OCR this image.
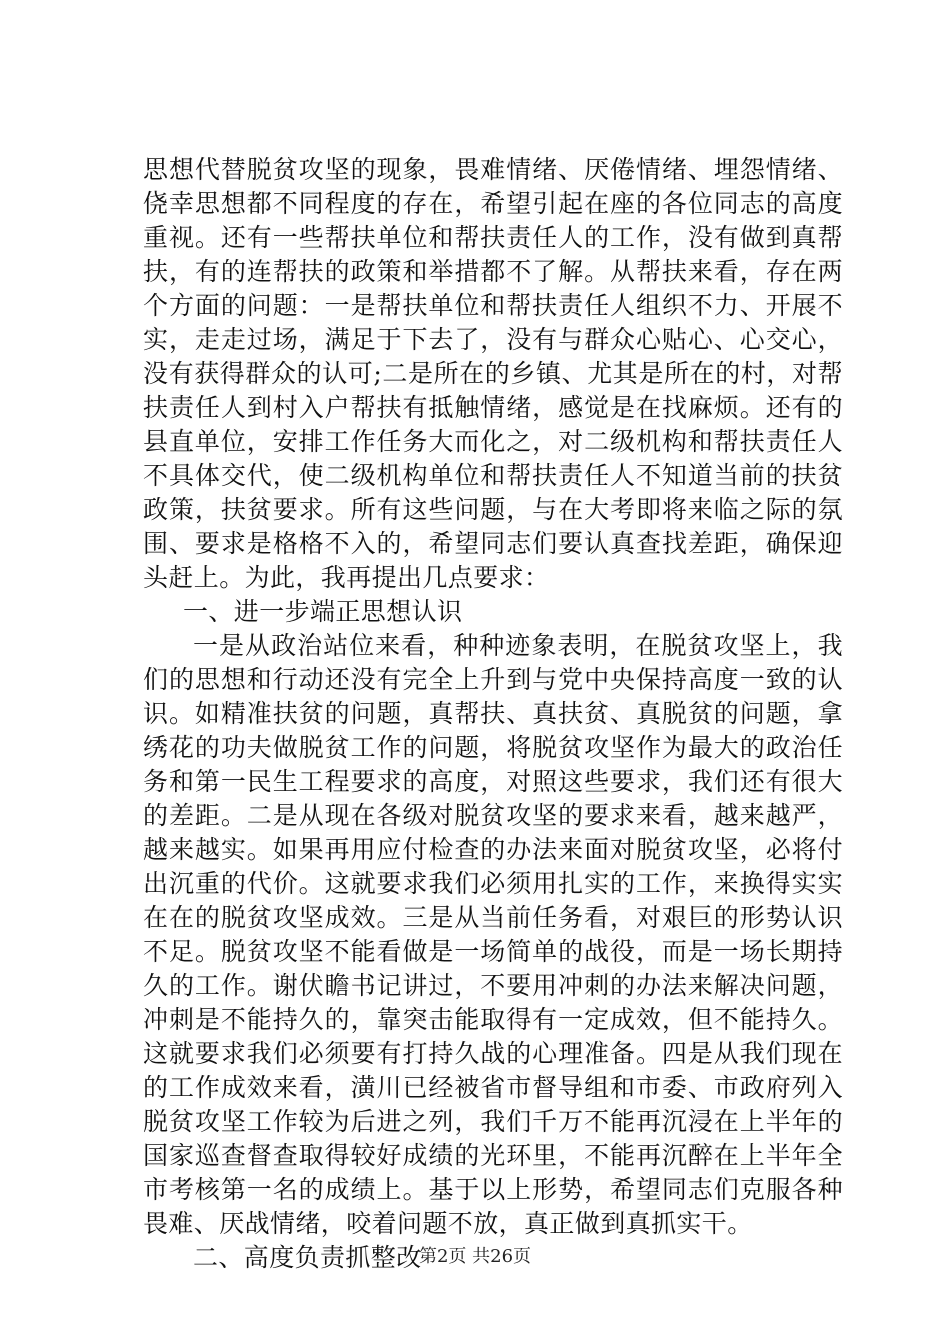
思想代替脱贫攻坚的现象，畏难情绪、厌倦情绪、埋怨情绪、侥幸思想都不同程度的存在，希望引起在座的各位同志的高度重视。还有一些帮扶单位和帮扶责任人的工作，没有做到真帮扶，有的连帮扶的政策和举措都不了解。从帮扶来看，存在两个方面的问题：一是帮扶单位和帮扶责任人组织不力、开展不实，走走过场，满足于下去了，没有与群众心贴心、心交心，没有获得群众的认可;二是所在的乡镇、尤其是所在的村，对帮扶责任人到村入户帮扶有抵触情绪，感觉是在找麻烦。还有的县直单位，安排工作任务大而化之，对二级机构和帮扶责任人不具体交代，使二级机构单位和帮扶责任人不知道当前的扶贫政策，扶贫要求。所有这些问题，与在大考即将来临之际的氛围、要求是格格不入的，希望同志们要认真查找差距，确保迎头赶上。为此，我再提出几点要求：

一、进一步端正思想认识

一是从政治站位来看，种种迹象表明，在脱贫攻坚上，我们的思想和行动还没有完全上升到与党中央保持高度一致的认识。如精准扶贫的问题，真帮扶、真扶贫、真脱贫的问题，拿绣花的功夫做脱贫工作的问题，将脱贫攻坚作为最大的政治任务和第一民生工程要求的高度，对照这些要求，我们还有很大的差距。二是从现在各级对脱贫攻坚的要求来看，越来越严，越来越实。如果再用应付检查的办法来面对脱贫攻坚，必将付出沉重的代价。这就要求我们必须用扎实的工作，来换得实实在在的脱贫攻坚成效。三是从当前任务看，对艰巨的形势认识不足。脱贫攻坚不能看做是一场简单的战役，而是一场长期持久的工作。谢伏瞻书记讲过，不要用冲刺的办法来解决问题，冲刺是不能持久的，靠突击能取得有一定成效，但不能持久。这就要求我们必须要有打持久战的心理准备。四是从我们现在的工作成效来看，潢川已经被省市督导组和市委、市政府列入脱贫攻坚工作较为后进之列，我们千万不能再沉浸在上半年的国家巡查督查取得较好成绩的光环里，不能再沉醉在上半年全市考核第一名的成绩上。基于以上形势，希望同志们克服各种畏难、厌战情绪，咬着问题不放，真正做到真抓实干。

二、高度负责抓整改

第2页 共26页
